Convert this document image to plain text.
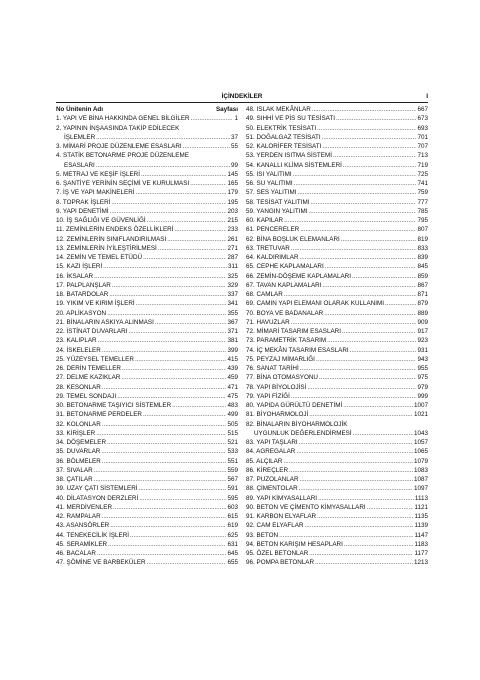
İÇİNDEKİLER	I
No Ünitenin Adı	Sayfası
1. YAPI VE BİNA HAKKINDA GENEL BİLGİLER .....	1
2. YAPININ İNŞAASINDA TAKİP EDİLECEK
İŞLEMLER .....	37
3. MİMARİ PROJE DÜZENLEME ESASLARI .....	55
4. STATİK BETONARME PROJE DÜZENLEME
ESASLARI .....	99
5. METRAJ VE KEŞİF İŞLERİ .....	145
6. ŞANTİYE YERİNİN SEÇİMİ VE KURULMASI .....	165
7. İŞ VE YAPI MAKİNELERİ .....	179
8. TOPRAK İŞLERİ .....	195
9. YAPI DENETİMİ .....	203
10. İŞ SAĞLIĞI VE GÜVENLİĞİ .....	215
11. ZEMİNLERİN ENDEKS ÖZELLİKLERİ .....	233
12. ZEMİNLERİN SINIFLANDIRILMASI .....	261
13. ZEMİNLERİN İYİLEŞTİRİLMESİ .....	271
14. ZEMİN VE TEMEL ETÜDÜ .....	287
15. KAZI İŞLERİ .....	311
16. İKSALAR .....	325
17. PALPLANŞLAR .....	329
18. BATARDOLAR .....	337
19. YIKIM VE KIRIM İŞLERİ .....	341
20. APLİKASYON .....	355
21. BİNALARIN ASKIYA ALINMASI .....	367
22. İSTİNAT DUVARLARI .....	371
23. KALIPLAR .....	381
24. İSKELELER .....	399
25. YÜZEYSEL TEMELLER .....	415
26. DERİN TEMELLER .....	439
27. DELME KAZIKLAR .....	459
28. KESONLAR .....	471
29. TEMEL SONDAJI .....	475
30. BETONARME TAŞIYICI SİSTEMLER .....	483
31. BETONARME PERDELER .....	499
32. KOLONLAR .....	505
33. KİRİŞLER .....	515
34. DÖŞEMELER .....	521
35. DUVARLAR .....	533
36. BÖLMELER .....	551
37. SIVALAR .....	559
38. ÇATILAR .....	567
39. UZAY ÇATI SİSTEMLERİ .....	591
40. DİLATASYON DERZLERİ .....	595
41. MERDİVENLER .....	603
42. RAMPALAR .....	615
43. ASANSÖRLER .....	619
44. TENEKECİLİK İŞLERİ .....	625
45. SERAMİKLER .....	631
46. BACALAR .....	645
47. ŞÖMİNE VE BARBEKÜLER .....	655
48. ISLAK MEKÂNLAR .....	667
49. SIHHİ VE PİS SU TESİSATI .....	673
50. ELEKTRİK TESİSATI .....	693
51. DOĞALGAZ TESİSATI .....	701
52. KALORİFER TESİSATI .....	707
53. YERDEN ISITMA SİSTEMİ .....	713
54. KANALLI KLİMA SİSTEMLERİ .....	719
55. ISI YALITIMI .....	725
56. SU YALITIMI .....	741
57. SES YALITIMI .....	759
58. TESİSAT YALITIMI .....	777
59. YANGIN YALITIMI .....	785
60. KAPILAR .....	795
61. PENCERELER .....	807
62. BİNA BOŞLUK ELEMANLARI .....	819
63. TRETUVAR .....	833
64. KALDIRIMLAR .....	839
65. CEPHE KAPLAMALARI .....	845
66. ZEMİN-DÖŞEME KAPLAMALARI .....	859
67. TAVAN KAPLAMALARI .....	867
68. CAMLAR .....	871
69. CAMIN YAPI ELEMANI OLARAK KULLANIMI .....	879
70. BOYA VE BADANALAR .....	889
71. HAVUZLAR .....	909
72. MİMARİ TASARIM ESASLARI .....	917
73. PARAMETRİK TASARIM .....	923
74. İÇ MEKÂN TASARIM ESASLARI .....	931
75. PEYZAJ MİMARLIĞI .....	943
76. SANAT TARİHİ .....	955
77. BİNA OTOMASYONU .....	975
78. YAPI BİYOLOJİSİ .....	979
79. YAPI FİZİĞİ .....	999
80. YAPIDA GÜRÜLTÜ DENETİMİ .....	1007
81. BİYOHARMOLOJİ .....	1021
82. BİNALARIN BİYOHARMOLOJİK
UYGUNLUK DEĞERLENDİRMESİ .....	1043
83. YAPI TAŞLARI .....	1057
84. AGREGALAR .....	1065
85. ALÇILAR .....	1079
86. KİREÇLER .....	1083
87. PUZOLANLAR .....	1087
88. ÇİMENTOLAR .....	1097
89. YAPI KİMYASALLARI .....	1113
90. BETON VE ÇİMENTO KİMYASALLARI .....	1121
91. KARBON ELYAFLAR .....	1135
92. CAM ELYAFLAR .....	1139
93. BETON .....	1147
94. BETON KARIŞIM HESAPLARI .....	1183
95. ÖZEL BETONLAR .....	1177
96. POMPA BETONLAR .....	1213
